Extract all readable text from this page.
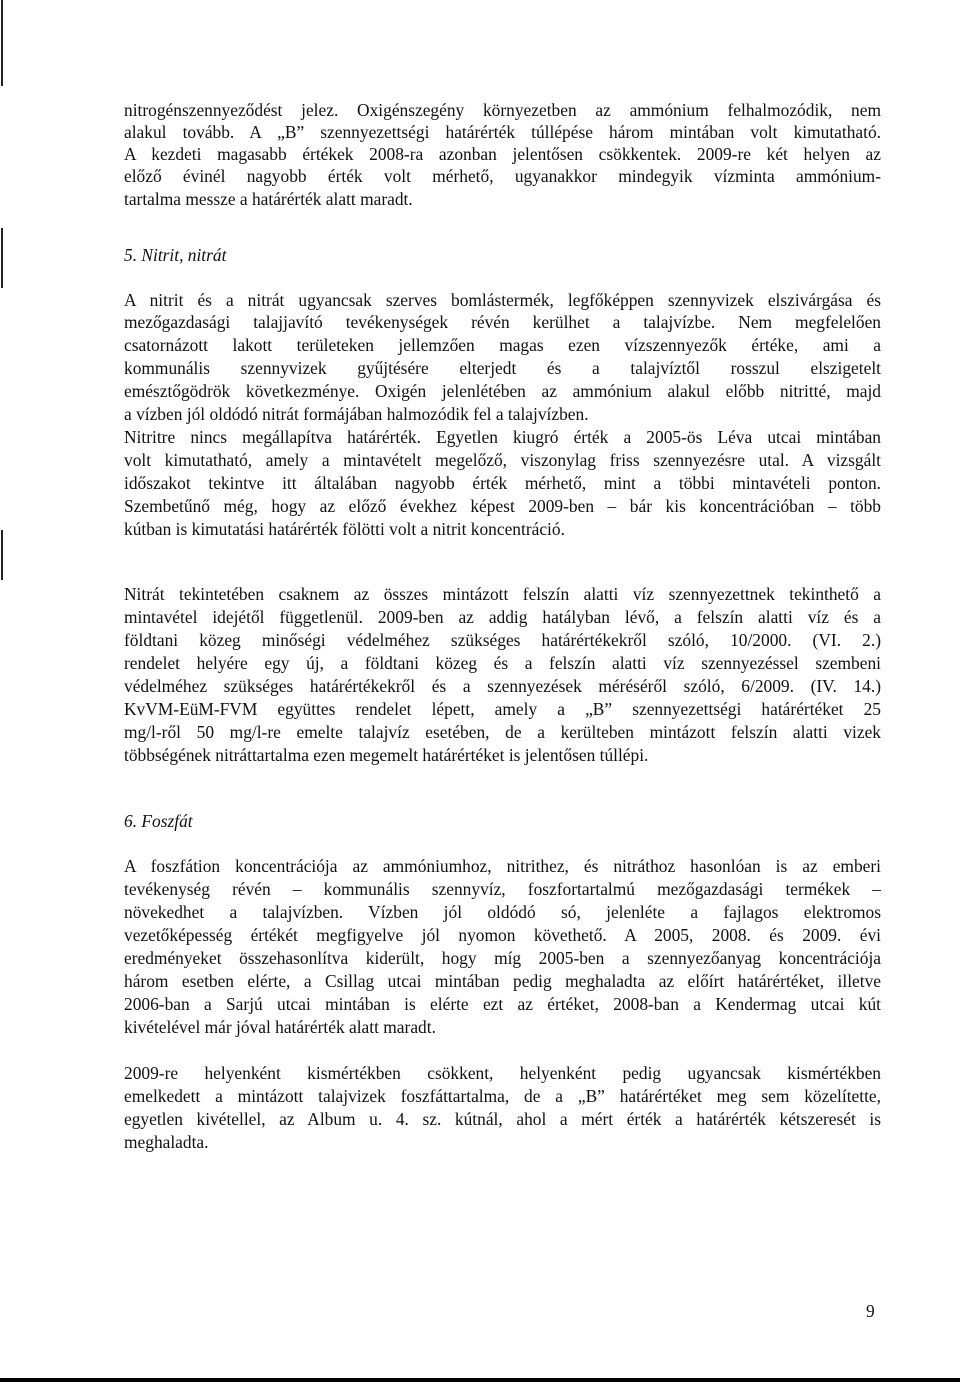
nitrogénszennyeződést jelez. Oxigénszegény környezetben az ammónium felhalmozódik, nem
alakul tovább. A „B” szennyezettségi határérték túllépése három mintában volt kimutatható.
A kezdeti magasabb értékek 2008-ra azonban jelentősen csökkentek. 2009-re két helyen az
előző évinél nagyobb érték volt mérhető, ugyanakkor mindegyik vízminta ammónium-
tartalma messze a határérték alatt maradt.
5. Nitrit, nitrát
A nitrit és a nitrát ugyancsak szerves bomlástermék, legfőképpen szennyvizek elszivárgása és
mezőgazdasági talajjavító tevékenységek révén kerülhet a talajvízbe. Nem megfelelően
csatornázott lakott területeken jellemzően magas ezen vízszennyezők értéke, ami a
kommunális szennyvizek gyűjtésére elterjedt és a talajvíztől rosszul elszigetelt
emésztőgödrök következménye. Oxigén jelenlétében az ammónium alakul előbb nitritté, majd
a vízben jól oldódó nitrát formájában halmozódik fel a talajvízben.
Nitritre nincs megállapítva határérték. Egyetlen kiugró érték a 2005-ös Léva utcai mintában
volt kimutatható, amely a mintavételt megelőző, viszonylag friss szennyezésre utal. A vizsgált
időszakot tekintve itt általában nagyobb érték mérhető, mint a többi mintavételi ponton.
Szembetűnő még, hogy az előző évekhez képest 2009-ben – bár kis koncentrációban – több
kútban is kimutatási határérték fölötti volt a nitrit koncentráció.
Nitrát tekintetében csaknem az összes mintázott felszín alatti víz szennyezettnek tekinthető a
mintavétel idejétől függetlenül. 2009-ben az addig hatályban lévő, a felszín alatti víz és a
földtani közeg minőségi védelméhez szükséges határértékekről szóló, 10/2000. (VI. 2.)
rendelet helyére egy új, a földtani közeg és a felszín alatti víz szennyezéssel szembeni
védelméhez szükséges határértékekről és a szennyezések méréséről szóló, 6/2009. (IV. 14.)
KvVM-EüM-FVM együttes rendelet lépett, amely a „B” szennyezettségi határértéket 25
mg/l-ről 50 mg/l-re emelte talajvíz esetében, de a kerülteben mintázott felszín alatti vizek
többségének nitráttartalma ezen megemelt határértéket is jelentősen túllépi.
6. Foszfát
A foszfátion koncentrációja az ammóniumhoz, nitrithez, és nitráthoz hasonlóan is az emberi
tevékenység révén – kommunális szennyvíz, foszfortartalmú mezőgazdasági termékek –
növekedhet a talajvízben. Vízben jól oldódó só, jelenléte a fajlagos elektromos
vezetőképesség értékét megfigyelve jól nyomon követhető. A 2005, 2008. és 2009. évi
eredményeket összehasonlítva kiderült, hogy míg 2005-ben a szennyezőanyag koncentrációja
három esetben elérte, a Csillag utcai mintában pedig meghaladta az előírt határértéket, illetve
2006-ban a Sarjú utcai mintában is elérte ezt az értéket, 2008-ban a Kendermag utcai kút
kivételével már jóval határérték alatt maradt.
2009-re helyenként kismértékben csökkent, helyenként pedig ugyancsak kismértékben
emelkedett a mintázott talajvizek foszfáttartalma, de a „B” határértéket meg sem közelítette,
egyetlen kivétellel, az Album u. 4. sz. kútnál, ahol a mért érték a határérték kétszeresét is
meghaladta.
9
